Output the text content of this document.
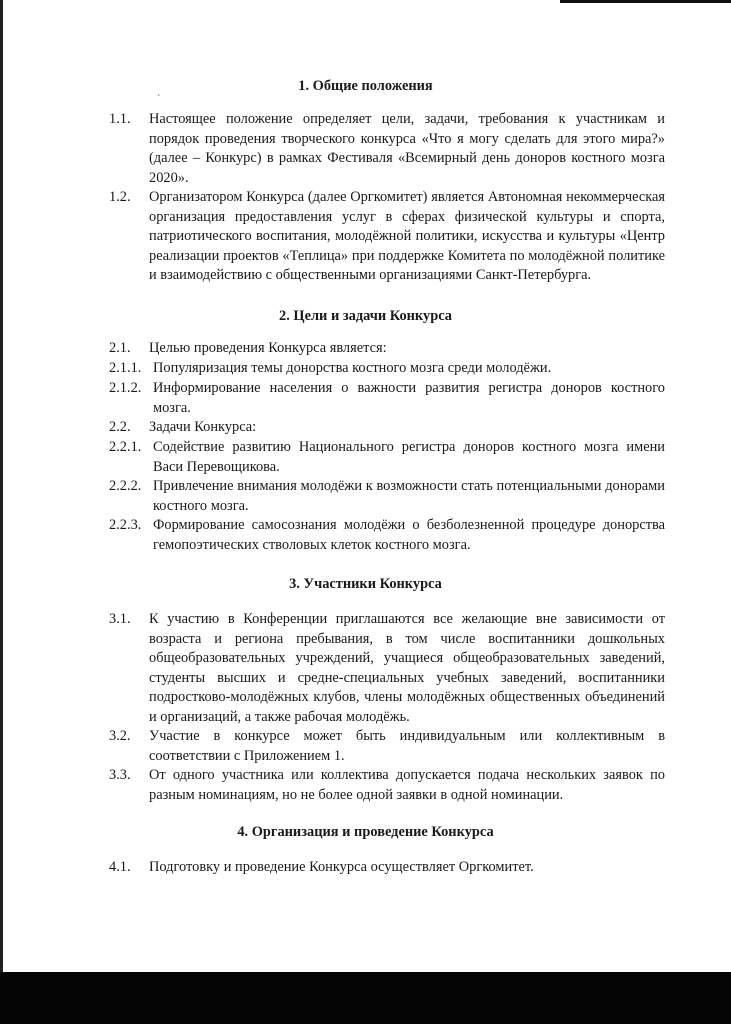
ˋ
1. Общие положения
1.1.	Настоящее положение определяет цели, задачи, требования к участникам и порядок проведения творческого конкурса «Что я могу сделать для этого мира?» (далее – Конкурс) в рамках Фестиваля «Всемирный день доноров костного мозга 2020».
1.2.	Организатором Конкурса (далее Оргкомитет) является Автономная некоммерческая организация предоставления услуг в сферах физической культуры и спорта, патриотического воспитания, молодёжной политики, искусства и культуры «Центр реализации проектов «Теплица» при поддержке Комитета по молодёжной политике и взаимодействию с общественными организациями Санкт-Петербурга.
2. Цели и задачи Конкурса
2.1.	Целью проведения Конкурса является:
2.1.1. Популяризация темы донорства костного мозга среди молодёжи.
2.1.2. Информирование населения о важности развития регистра доноров костного мозга.
2.2.	Задачи Конкурса:
2.2.1. Содействие развитию Национального регистра доноров костного мозга имени Васи Перевощикова.
2.2.2. Привлечение внимания молодёжи к возможности стать потенциальными донорами костного мозга.
2.2.3. Формирование самосознания молодёжи о безболезненной процедуре донорства гемопоэтических стволовых клеток костного мозга.
3. Участники Конкурса
3.1.	К участию в Конференции приглашаются все желающие вне зависимости от возраста и региона пребывания, в том числе воспитанники дошкольных общеобразовательных учреждений, учащиеся общеобразовательных заведений, студенты высших и средне-специальных учебных заведений, воспитанники подростково-молодёжных клубов, члены молодёжных общественных объединений и организаций, а также рабочая молодёжь.
3.2.	Участие в конкурсе может быть индивидуальным или коллективным в соответствии с Приложением 1.
3.3.	От одного участника или коллектива допускается подача нескольких заявок по разным номинациям, но не более одной заявки в одной номинации.
4. Организация и проведение Конкурса
4.1.	Подготовку и проведение Конкурса осуществляет Оргкомитет.
